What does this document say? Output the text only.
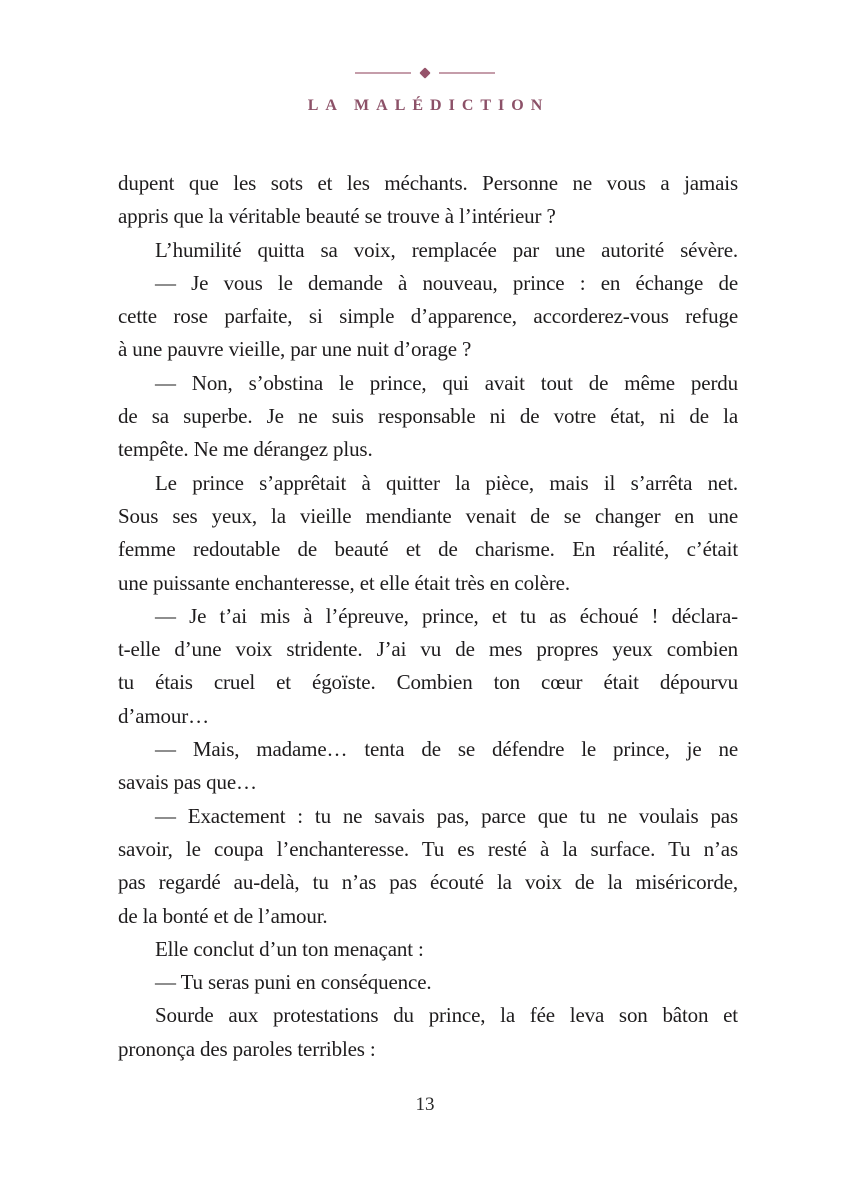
LA MALÉDICTION
dupent que les sots et les méchants. Personne ne vous a jamais
appris que la véritable beauté se trouve à l’intérieur ?
L’humilité quitta sa voix, remplacée par une autorité sévère.
— Je vous le demande à nouveau, prince : en échange de
cette rose parfaite, si simple d’apparence, accorderez-vous refuge
à une pauvre vieille, par une nuit d’orage ?
— Non, s’obstina le prince, qui avait tout de même perdu
de sa superbe. Je ne suis responsable ni de votre état, ni de la
tempête. Ne me dérangez plus.
Le prince s’apprêtait à quitter la pièce, mais il s’arrêta net.
Sous ses yeux, la vieille mendiante venait de se changer en une
femme redoutable de beauté et de charisme. En réalité, c’était
une puissante enchanteresse, et elle était très en colère.
— Je t’ai mis à l’épreuve, prince, et tu as échoué ! déclara-
t-elle d’une voix stridente. J’ai vu de mes propres yeux combien
tu étais cruel et égoïste. Combien ton cœur était dépourvu
d’amour…
— Mais, madame… tenta de se défendre le prince, je ne
savais pas que…
— Exactement : tu ne savais pas, parce que tu ne voulais pas
savoir, le coupa l’enchanteresse. Tu es resté à la surface. Tu n’as
pas regardé au-delà, tu n’as pas écouté la voix de la miséricorde,
de la bonté et de l’amour.
Elle conclut d’un ton menaçant :
— Tu seras puni en conséquence.
Sourde aux protestations du prince, la fée leva son bâton et
prononça des paroles terribles :
13
